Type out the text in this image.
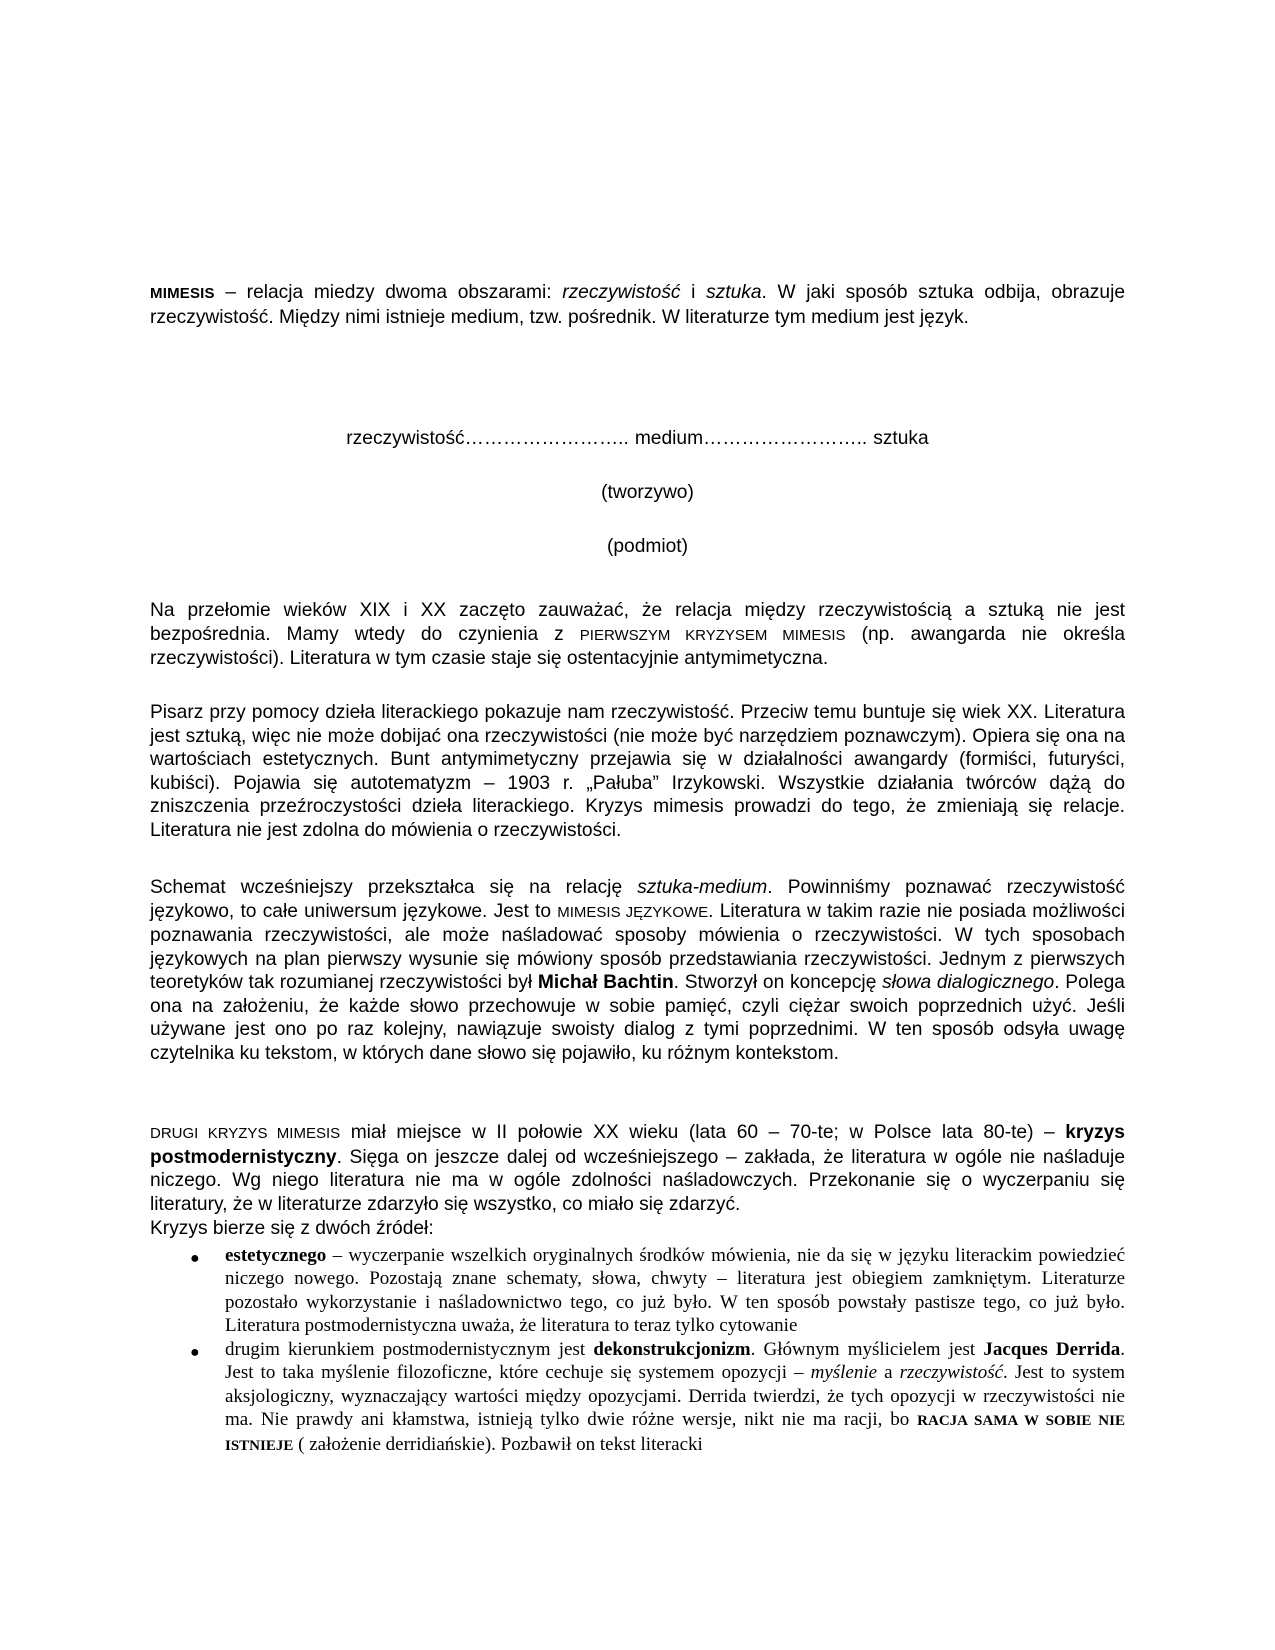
MIMESIS – relacja miedzy dwoma obszarami: rzeczywistość i sztuka. W jaki sposób sztuka odbija, obrazuje rzeczywistość. Między nimi istnieje medium, tzw. pośrednik. W literaturze tym medium jest język.

rzeczywistość …………………….. medium …………………….. sztuka
(tworzywo)
(podmiot)

Na przełomie wieków XIX i XX zaczęto zauważać, że relacja między rzeczywistością a sztuką nie jest bezpośrednia. Mamy wtedy do czynienia z PIERWSZYM KRYZYSEM MIMESIS (np. awangarda nie określa rzeczywistości). Literatura w tym czasie staje się ostentacyjnie antymimetyczna.

Pisarz przy pomocy dzieła literackiego pokazuje nam rzeczywistość. Przeciw temu buntuje się wiek XX. Literatura jest sztuką, więc nie może dobijać ona rzeczywistości (nie może być narzędziem poznawczym). Opiera się ona na wartościach estetycznych. Bunt antymimetyczny przejawia się w działalności awangardy (formiści, futuryści, kubiści). Pojawia się autotematyzm – 1903 r. „Pałuba” Irzykowski. Wszystkie działania twórców dążą do zniszczenia przeźroczystości dzieła literackiego. Kryzys mimesis prowadzi do tego, że zmieniają się relacje. Literatura nie jest zdolna do mówienia o rzeczywistości.

Schemat wcześniejszy przekształca się na relację sztuka-medium. Powinniśmy poznawać rzeczywistość językowo, to całe uniwersum językowe. Jest to MIMESIS JĘZYKOWE. Literatura w takim razie nie posiada możliwości poznawania rzeczywistości, ale może naśladować sposoby mówienia o rzeczywistości. W tych sposobach językowych na plan pierwszy wysunie się mówiony sposób przedstawiania rzeczywistości. Jednym z pierwszych teoretyków tak rozumianej rzeczywistości był Michał Bachtin. Stworzył on koncepcję słowa dialogicznego. Polega ona na założeniu, że każde słowo przechowuje w sobie pamięć, czyli ciężar swoich poprzednich użyć. Jeśli używane jest ono po raz kolejny, nawiązuje swoisty dialog z tymi poprzednimi. W ten sposób odsyła uwagę czytelnika ku tekstom, w których dane słowo się pojawiło, ku różnym kontekstom.

DRUGI KRYZYS MIMESIS miał miejsce w II połowie XX wieku (lata 60 – 70-te; w Polsce lata 80-te) – kryzys postmodernistyczny. Sięga on jeszcze dalej od wcześniejszego – zakłada, że literatura w ogóle nie naśladuje niczego. Wg niego literatura nie ma w ogóle zdolności naśladowczych. Przekonanie się o wyczerpaniu się literatury, że w literaturze zdarzyło się wszystko, co miało się zdarzyć.

Kryzys bierze się z dwóch źródeł:
● estetycznego – wyczerpanie wszelkich oryginalnych środków mówienia, nie da się w języku literackim powiedzieć niczego nowego. Pozostają znane schematy, słowa, chwyty – literatura jest obiegiem zamkniętym. Literaturze pozostało wykorzystanie i naśladownictwo tego, co już było. W ten sposób powstały pastisze tego, co już było. Literatura postmodernistyczna uważa, że literatura to teraz tylko cytowanie
● drugim kierunkiem postmodernistycznym jest dekonstrukcjonizm. Głównym myślicielem jest Jacques Derrida. Jest to taka myślenie filozoficzne, które cechuje się systemem opozycji – myślenie a rzeczywistość. Jest to system aksjologiczny, wyznaczający wartości między opozycjami. Derrida twierdzi, że tych opozycji w rzeczywistości nie ma. Nie prawdy ani kłamstwa, istnieją tylko dwie różne wersje, nikt nie ma racji, bo RACJA SAMA W SOBIE NIE ISTNIEJE ( założenie derridiańskie). Pozbawił on tekst literacki
